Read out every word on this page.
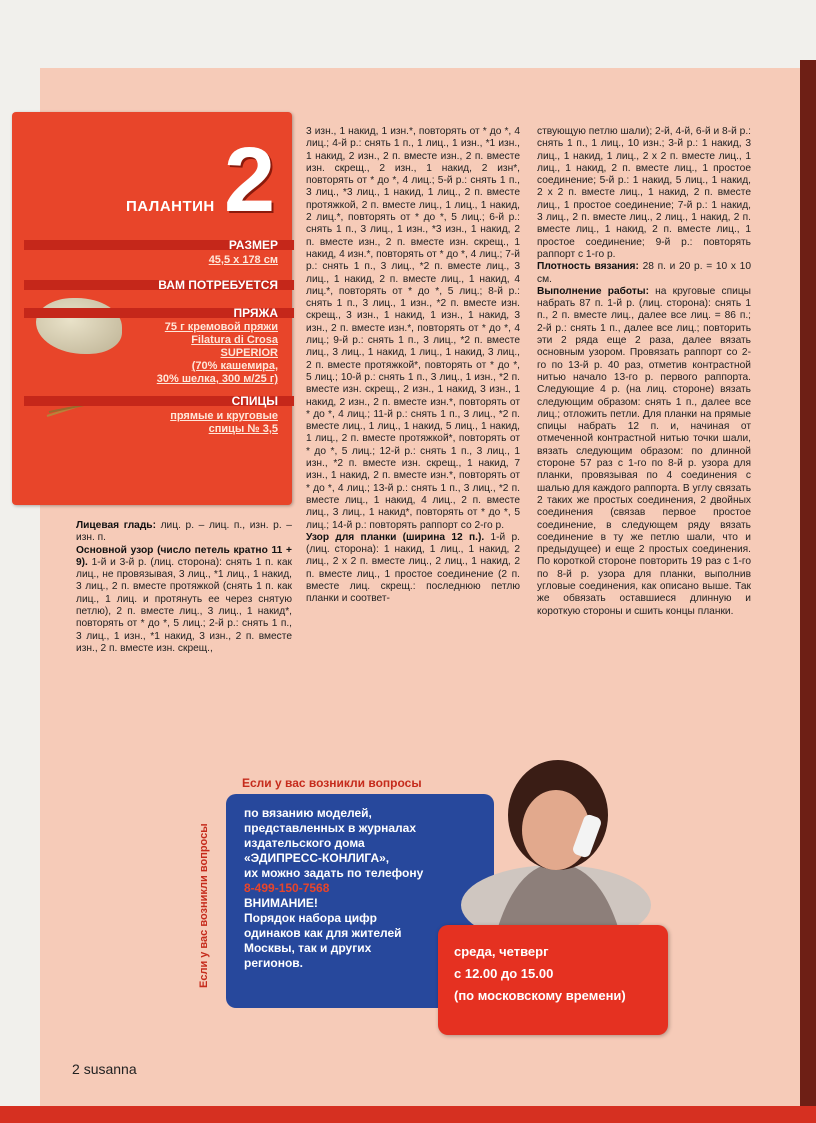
ПАЛАНТИН 2
РАЗМЕР
45,5 х 178 см
ВАМ ПОТРЕБУЕТСЯ
ПРЯЖА
75 г кремовой пряжи
Filatura di Crosa
SUPERIOR
(70% кашемира,
30% шелка, 300 м/25 г)
СПИЦЫ
прямые и круговые
спицы № 3,5
Лицевая гладь: лиц. р. – лиц. п., изн. р. – изн. п.
Основной узор (число петель кратно 11 + 9). 1-й и 3-й р. (лиц. сторона): снять 1 п. как лиц., не провязывая, 3 лиц., *1 лиц., 1 накид, 3 лиц., 2 п. вместе протяжкой (снять 1 п. как лиц., 1 лиц. и протянуть ее через снятую петлю), 2 п. вместе лиц., 3 лиц., 1 накид*, повторять от * до *, 5 лиц.; 2-й р.: снять 1 п., 3 лиц., 1 изн., *1 накид, 3 изн., 2 п. вместе изн., 2 п. вместе изн. скрещ.,
3 изн., 1 накид, 1 изн.*, повторять от * до *, 4 лиц.; 4-й р.: снять 1 п., 1 лиц., 1 изн., *1 изн., 1 накид, 2 изн., 2 п. вместе изн., 2 п. вместе изн. скрещ., 2 изн., 1 накид, 2 изн*, повторять от * до *, 4 лиц.; 5-й р.: снять 1 п., 3 лиц., *3 лиц., 1 накид, 1 лиц., 2 п. вместе протяжкой, 2 п. вместе лиц., 1 лиц., 1 накид, 2 лиц.*, повторять от * до *, 5 лиц.; 6-й р.: снять 1 п., 3 лиц., 1 изн., *3 изн., 1 накид, 2 п. вместе изн., 2 п. вместе изн. скрещ., 1 накид, 4 изн.*, повторять от * до *, 4 лиц.; 7-й р.: снять 1 п., 3 лиц., *2 п. вместе лиц., 3 лиц., 1 накид, 2 п. вместе лиц., 1 накид, 4 лиц.*, повторять от * до *, 5 лиц.; 8-й р.: снять 1 п., 3 лиц., 1 изн., *2 п. вместе изн. скрещ., 3 изн., 1 накид, 1 изн., 1 накид, 3 изн., 2 п. вместе изн.*, повторять от * до *, 4 лиц.; 9-й р.: снять 1 п., 3 лиц., *2 п. вместе лиц., 3 лиц., 1 накид, 1 лиц., 1 накид, 3 лиц., 2 п. вместе протяжкой*, повторять от * до *, 5 лиц.; 10-й р.: снять 1 п., 3 лиц., 1 изн., *2 п. вместе изн. скрещ., 2 изн., 1 накид, 3 изн., 1 накид, 2 изн., 2 п. вместе изн.*, повторять от * до *, 4 лиц.; 11-й р.: снять 1 п., 3 лиц., *2 п. вместе лиц., 1 лиц., 1 накид, 5 лиц., 1 накид, 1 лиц., 2 п. вместе протяжкой*, повторять от * до *, 5 лиц.; 12-й р.: снять 1 п., 3 лиц., 1 изн., *2 п. вместе изн. скрещ., 1 накид, 7 изн., 1 накид, 2 п. вместе изн.*, повторять от * до *, 4 лиц.; 13-й р.: снять 1 п., 3 лиц., *2 п. вместе лиц., 1 накид, 4 лиц., 2 п. вместе лиц., 3 лиц., 1 накид*, повторять от * до *, 5 лиц.; 14-й р.: повторять раппорт со 2-го р.
Узор для планки (ширина 12 п.). 1-й р. (лиц. сторона): 1 накид, 1 лиц., 1 накид, 2 лиц., 2 х 2 п. вместе лиц., 2 лиц., 1 накид, 2 п. вместе лиц., 1 простое соединение (2 п. вместе лиц. скрещ.: последнюю петлю планки и соответ-
ствующую петлю шали); 2-й, 4-й, 6-й и 8-й р.: снять 1 п., 1 лиц., 10 изн.; 3-й р.: 1 накид, 3 лиц., 1 накид, 1 лиц., 2 х 2 п. вместе лиц., 1 лиц., 1 накид, 2 п. вместе лиц., 1 простое соединение; 5-й р.: 1 накид, 5 лиц., 1 накид, 2 х 2 п. вместе лиц., 1 накид, 2 п. вместе лиц., 1 простое соединение; 7-й р.: 1 накид, 3 лиц., 2 п. вместе лиц., 2 лиц., 1 накид, 2 п. вместе лиц., 1 накид, 2 п. вместе лиц., 1 простое соединение; 9-й р.: повторять раппорт с 1-го р.
Плотность вязания: 28 п. и 20 р. = 10 х 10 см.
Выполнение работы: на круговые спицы набрать 87 п. 1-й р. (лиц. сторона): снять 1 п., 2 п. вместе лиц., далее все лиц. = 86 п.; 2-й р.: снять 1 п., далее все лиц.; повторить эти 2 ряда еще 2 раза, далее вязать основным узором. Провязать раппорт со 2-го по 13-й р. 40 раз, отметив контрастной нитью начало 13-го р. первого раппорта. Следующие 4 р. (на лиц. стороне) вязать следующим образом: снять 1 п., далее все лиц.; отложить петли. Для планки на прямые спицы набрать 12 п. и, начиная от отмеченной контрастной нитью точки шали, вязать следующим образом: по длинной стороне 57 раз с 1-го по 8-й р. узора для планки, провязывая по 4 соединения с шалью для каждого раппорта. В углу связать 2 таких же простых соединения, 2 двойных соединения (связав первое простое соединение, в следующем ряду вязать соединение в ту же петлю шали, что и предыдущее) и еще 2 простых соединения. По короткой стороне повторить 19 раз с 1-го по 8-й р. узора для планки, выполнив угловые соединения, как описано выше. Так же обвязать оставшиеся длинную и короткую стороны и сшить концы планки.
Если у вас возникли вопросы
Если у вас возникли вопросы

по вязанию моделей,

представленных в журналах

издательского дома

«ЭДИПРЕСС-КОНЛИГА»,

их можно задать по телефону

8-499-150-7568

ВНИМАНИЕ!

Порядок набора цифр

одинаков как для жителей

Москвы, так и других

регионов.

среда, четверг

с 12.00 до 15.00

(по московскому времени)

2 susanna
